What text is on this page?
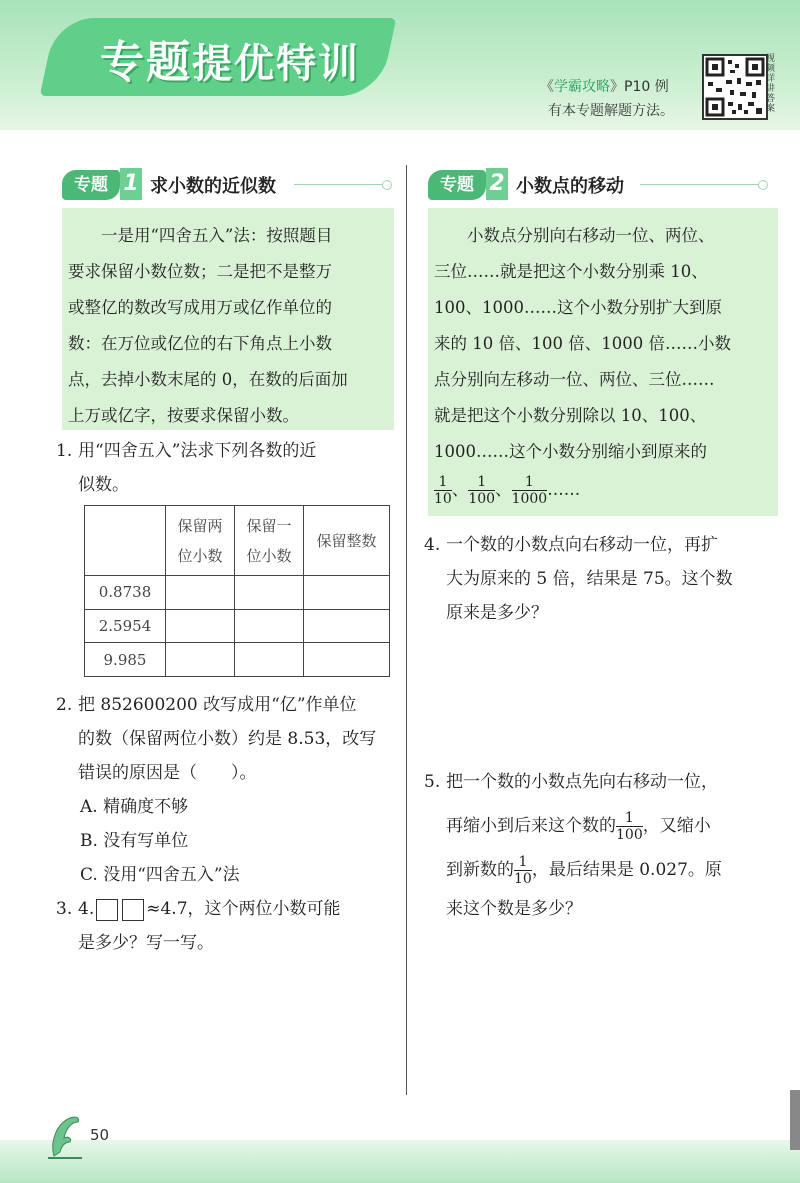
专题提优特训	《学霸攻略》P10 例
有本专题解题方法。
视频详讲答案
专题 1 求小数的近似数

　　一是用“四舍五入”法：按照题目

要求保留小数位数；二是把不是整万

或整亿的数改写成用万或亿作单位的

数：在万位或亿位的右下角点上小数

点，去掉小数末尾的 0，在数的后面加

上万或亿字，按要求保留小数。

1. 用“四舍五入”法求下列各数的近
似数。
	保留两
位小数	保留一
位小数	保留整数
0.8738			
2.5954			
9.985			
2. 把 852600200 改写成用“亿”作单位
的数（保留两位小数）约是 8.53，改写
错误的原因是（　　）。
A. 精确度不够
B. 没有写单位
C. 没用“四舍五入”法
3. 4.	≈4.7，这个两位小数可能
是多少？写一写。
专题 2 小数点的移动

　　小数点分别向右移动一位、两位、

三位……就是把这个小数分别乘 10、

100、1000……这个小数分别扩大到原

来的 10 倍、100 倍、1000 倍……小数

点分别向左移动一位、两位、三位……

就是把这个小数分别除以 10、100、

1000……这个小数分别缩小到原来的

$\frac{1}{10}$ 、 $\frac{1}{100}$ 、 $\frac{1}{1000}$ ……

4. 一个数的小数点向右移动一位，再扩
大为原来的 5 倍，结果是 75。这个数
原来是多少？
5. 把一个数的小数点先向右移动一位，
再缩小到后来这个数的 $\frac{1}{100}$ ，又缩小
到新数的 $\frac{1}{10}$ ，最后结果是 0.027。原
来这个数是多少？
50
